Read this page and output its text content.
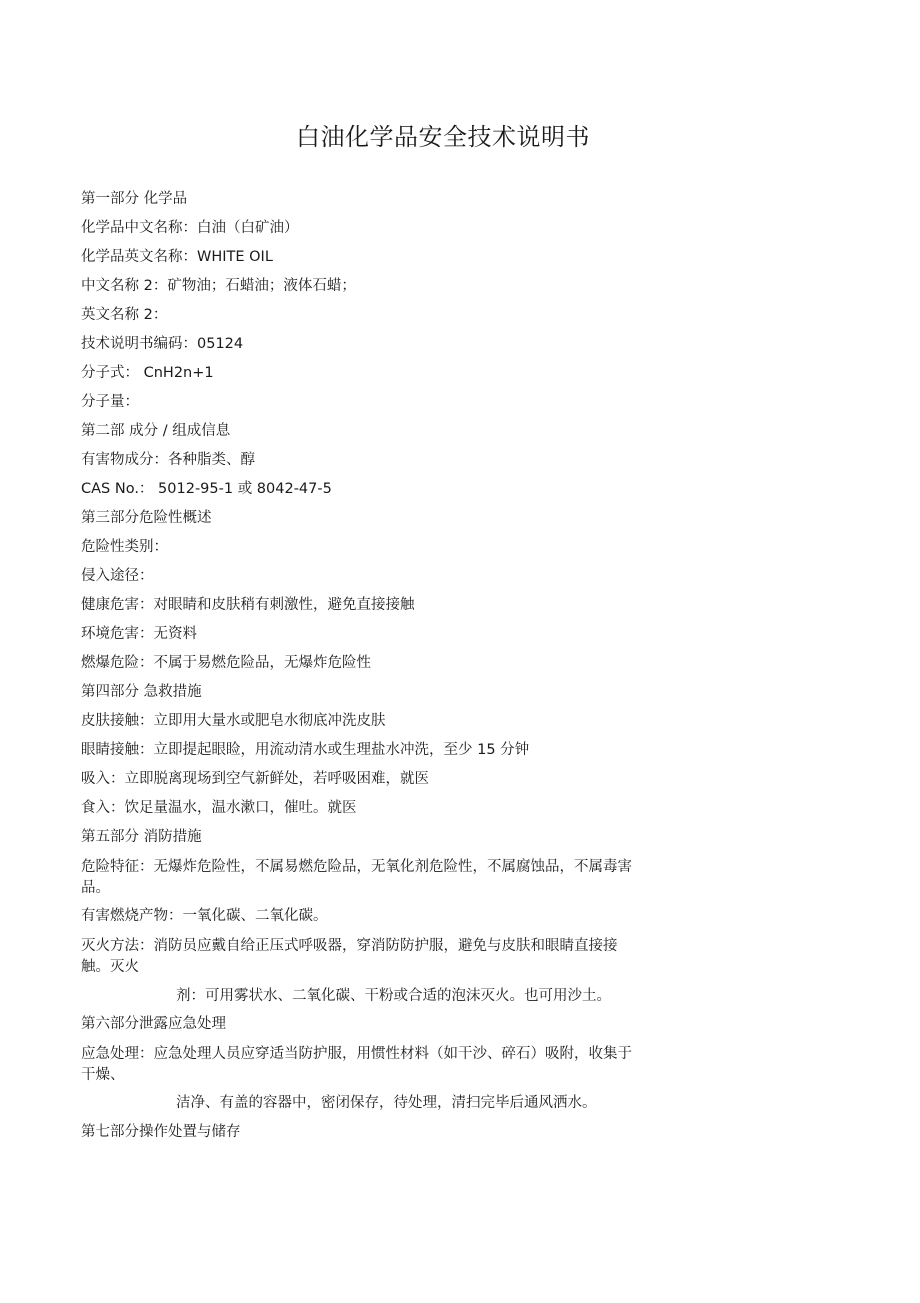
白油化学品安全技术说明书
第一部分 化学品
化学品中文名称：白油（白矿油）
化学品英文名称：WHITE OIL
中文名称 2：矿物油；石蜡油；液体石蜡；
英文名称 2：
技术说明书编码：05124
分子式： CnH2n+1
分子量：
第二部 成分 / 组成信息
有害物成分：各种脂类、醇
CAS No.： 5012-95-1 或 8042-47-5
第三部分危险性概述
危险性类别：
侵入途径：
健康危害：对眼睛和皮肤稍有刺激性，避免直接接触
环境危害：无资料
燃爆危险：不属于易燃危险品，无爆炸危险性
第四部分 急救措施
皮肤接触：立即用大量水或肥皂水彻底冲洗皮肤
眼睛接触：立即提起眼睑，用流动清水或生理盐水冲洗，至少 15 分钟
吸入：立即脱离现场到空气新鲜处，若呼吸困难，就医
食入：饮足量温水，温水漱口，催吐。就医
第五部分 消防措施
危险特征：无爆炸危险性，不属易燃危险品，无氧化剂危险性，不属腐蚀品，不属毒害品。
有害燃烧产物：一氧化碳、二氧化碳。
灭火方法：消防员应戴自给正压式呼吸器，穿消防防护服，避免与皮肤和眼睛直接接触。灭火
剂：可用雾状水、二氧化碳、干粉或合适的泡沫灭火。也可用沙土。
第六部分泄露应急处理
应急处理：应急处理人员应穿适当防护服，用惯性材料（如干沙、碎石）吸附，收集于干燥、
洁净、有盖的容器中，密闭保存，待处理，清扫完毕后通风洒水。
第七部分操作处置与储存
